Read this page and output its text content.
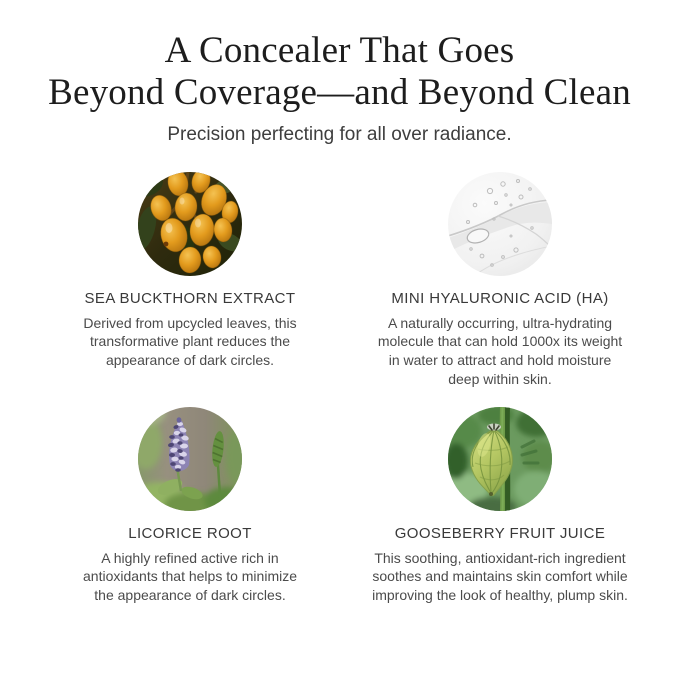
A Concealer That Goes
Beyond Coverage—and Beyond Clean

Precision perfecting for all over radiance.

SEA BUCKTHORN EXTRACT

Derived from upcycled leaves, this transformative plant reduces the appearance of dark circles.

MINI HYALURONIC ACID (HA)

A naturally occurring, ultra-hydrating molecule that can hold 1000x its weight in water to attract and hold moisture deep within skin.

LICORICE ROOT

A highly refined active rich in antioxidants that helps to minimize the appearance of dark circles.

GOOSEBERRY FRUIT JUICE

This soothing, antioxidant-rich ingredient soothes and maintains skin comfort while improving the look of healthy, plump skin.
